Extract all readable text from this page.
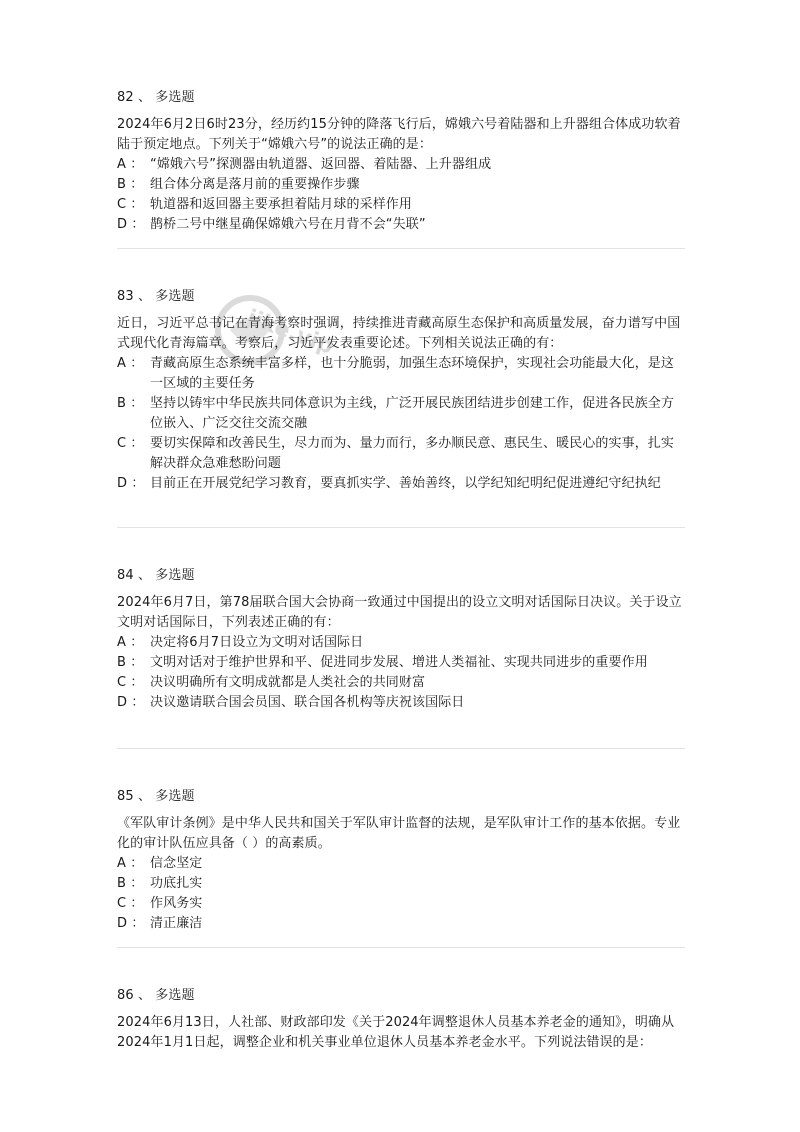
jike.vip
82 、 多选题
2024年6月2日6时23分，经历约15分钟的降落飞行后，嫦娥六号着陆器和上升器组合体成功软着陆于预定地点。下列关于“嫦娥六号”的说法正确的是：
A ： “嫦娥六号”探测器由轨道器、返回器、着陆器、上升器组成
B ： 组合体分离是落月前的重要操作步骤
C ： 轨道器和返回器主要承担着陆月球的采样作用
D ： 鹊桥二号中继星确保嫦娥六号在月背不会“失联”
83 、 多选题
近日，习近平总书记在青海考察时强调，持续推进青藏高原生态保护和高质量发展，奋力谱写中国式现代化青海篇章。考察后，习近平发表重要论述。下列相关说法正确的有：
A ： 青藏高原生态系统丰富多样，也十分脆弱，加强生态环境保护，实现社会功能最大化，是这一区域的主要任务
B ： 坚持以铸牢中华民族共同体意识为主线，广泛开展民族团结进步创建工作，促进各民族全方位嵌入、广泛交往交流交融
C ： 要切实保障和改善民生，尽力而为、量力而行，多办顺民意、惠民生、暖民心的实事，扎实解决群众急难愁盼问题
D ： 目前正在开展党纪学习教育，要真抓实学、善始善终，以学纪知纪明纪促进遵纪守纪执纪
84 、 多选题
2024年6月7日，第78届联合国大会协商一致通过中国提出的设立文明对话国际日决议。关于设立文明对话国际日，下列表述正确的有：
A ： 决定将6月7日设立为文明对话国际日
B ： 文明对话对于维护世界和平、促进同步发展、增进人类福祉、实现共同进步的重要作用
C ： 决议明确所有文明成就都是人类社会的共同财富
D ： 决议邀请联合国会员国、联合国各机构等庆祝该国际日
85 、 多选题
《军队审计条例》是中华人民共和国关于军队审计监督的法规，是军队审计工作的基本依据。专业化的审计队伍应具备（ ）的高素质。
A ： 信念坚定
B ： 功底扎实
C ： 作风务实
D ： 清正廉洁
86 、 多选题
2024年6月13日，人社部、财政部印发《关于2024年调整退休人员基本养老金的通知》，明确从2024年1月1日起，调整企业和机关事业单位退休人员基本养老金水平。下列说法错误的是：
